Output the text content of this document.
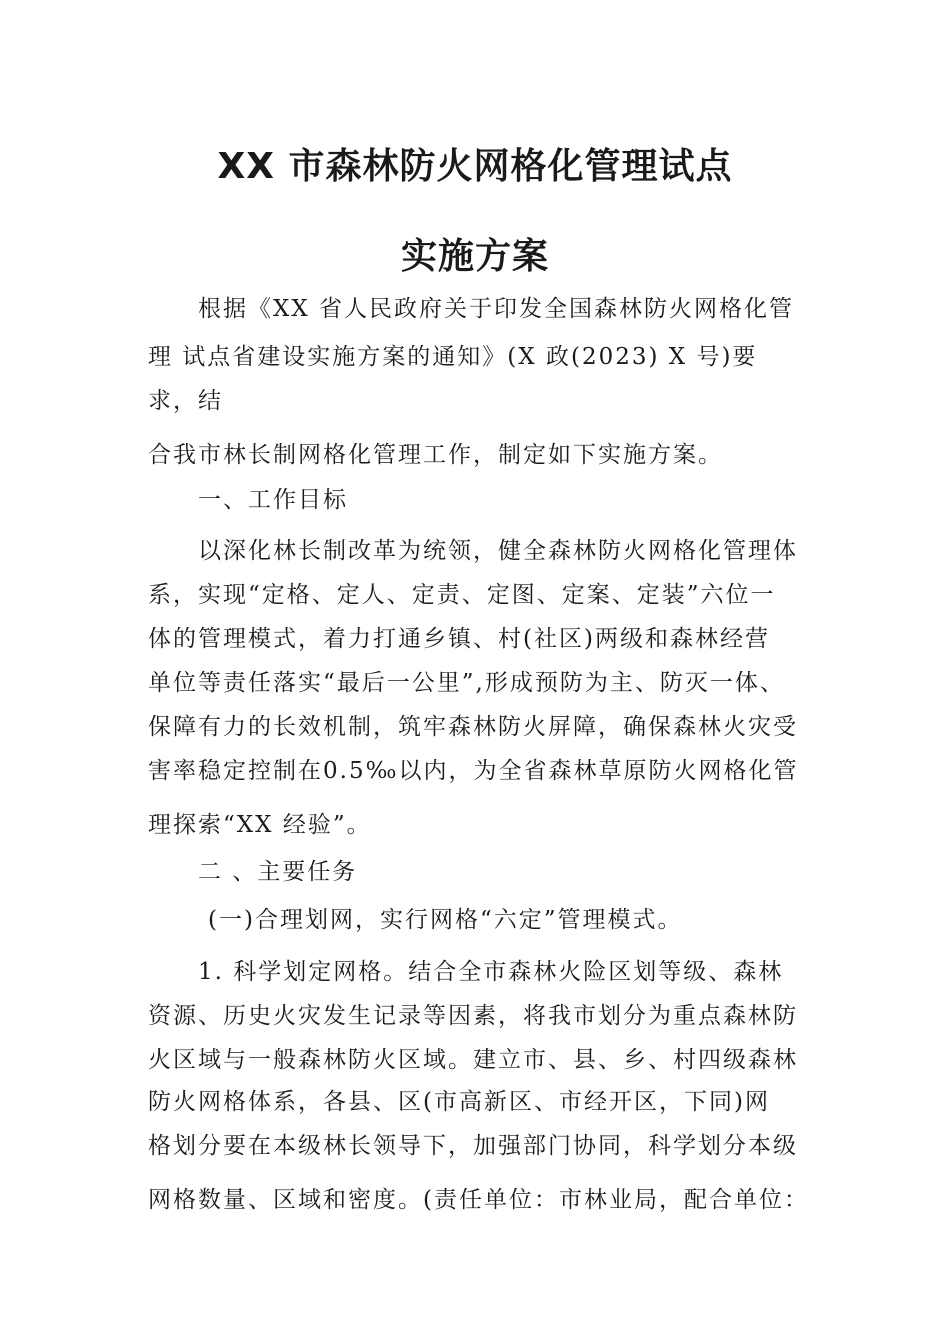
XX 市森林防火网格化管理试点
实施方案
根据《XX 省人民政府关于印发全国森林防火网格化管
理 试点省建设实施方案的通知》(X 政(2023) X 号)要
求，结
合我市林长制网格化管理工作，制定如下实施方案。
一、工作目标
以深化林长制改革为统领，健全森林防火网格化管理体
系，实现“定格、定人、定责、定图、定案、定装”六位一
体的管理模式，着力打通乡镇、村(社区)两级和森林经营
单位等责任落实“最后一公里”,形成预防为主、防灭一体、
保障有力的长效机制，筑牢森林防火屏障，确保森林火灾受
害率稳定控制在0.5‰以内，为全省森林草原防火网格化管
理探索“XX 经验”。
二 、主要任务
(一)合理划网，实行网格“六定”管理模式。
1. 科学划定网格。结合全市森林火险区划等级、森林
资源、历史火灾发生记录等因素，将我市划分为重点森林防
火区域与一般森林防火区域。建立市、县、乡、村四级森林
防火网格体系，各县、区(市高新区、市经开区，下同)网
格划分要在本级林长领导下，加强部门协同，科学划分本级
网格数量、区域和密度。(责任单位：市林业局，配合单位：
